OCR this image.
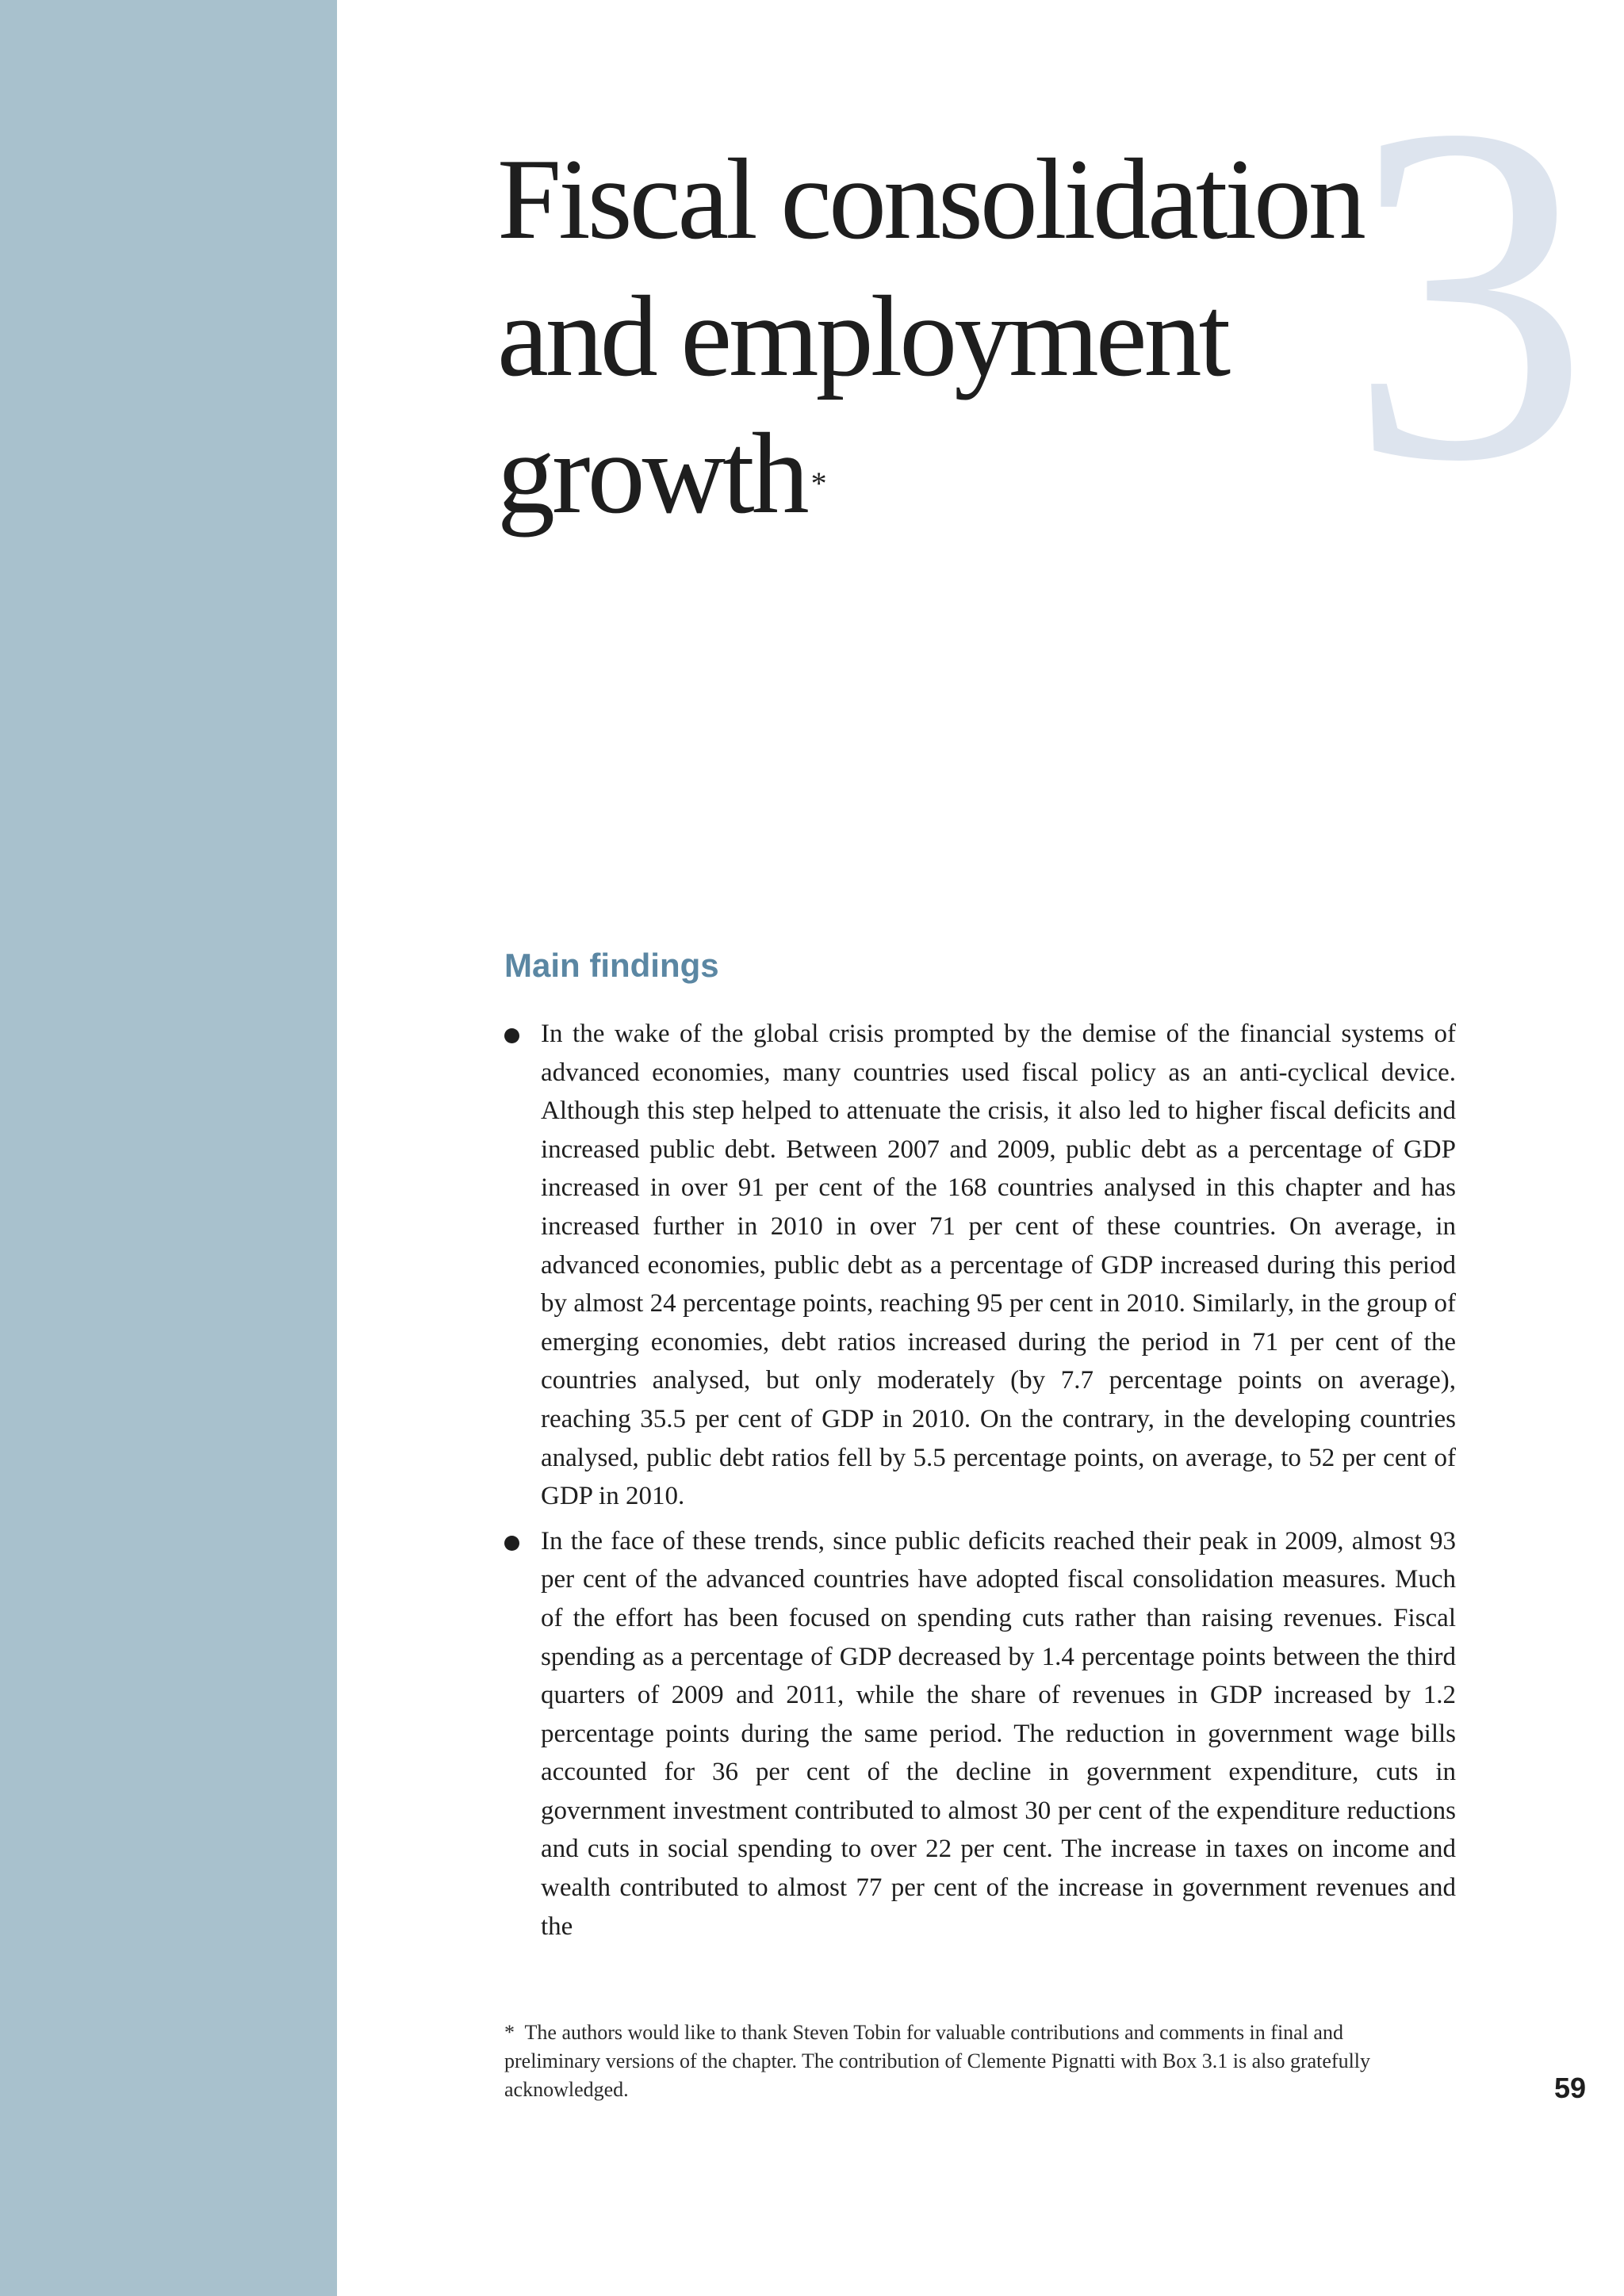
3
Fiscal consolidation
and employment
growth *
Main findings
In the wake of the global crisis prompted by the demise of the financial systems of advanced economies, many countries used fiscal policy as an anti-cyclical device. Although this step helped to attenuate the crisis, it also led to higher fiscal deficits and increased public debt. Between 2007 and 2009, public debt as a percentage of GDP increased in over 91 per cent of the 168 countries analysed in this chapter and has increased further in 2010 in over 71 per cent of these countries. On average, in advanced economies, public debt as a percentage of GDP increased during this period by almost 24 percentage points, reaching 95 per cent in 2010. Similarly, in the group of emerging economies, debt ratios increased during the period in 71 per cent of the countries analysed, but only moderately (by 7.7 percentage points on average), reaching 35.5 per cent of GDP in 2010. On the contrary, in the developing countries analysed, public debt ratios fell by 5.5 percentage points, on average, to 52 per cent of GDP in 2010.
In the face of these trends, since public deficits reached their peak in 2009, almost 93 per cent of the advanced countries have adopted fiscal consolidation measures. Much of the effort has been focused on spending cuts rather than raising revenues. Fiscal spending as a percentage of GDP decreased by 1.4 percentage points between the third quarters of 2009 and 2011, while the share of revenues in GDP increased by 1.2 percentage points during the same period. The reduction in government wage bills accounted for 36 per cent of the decline in government expenditure, cuts in government investment contributed to almost 30 per cent of the expenditure reductions and cuts in social spending to over 22 per cent. The increase in taxes on income and wealth contributed to almost 77 per cent of the increase in government revenues and the

* The authors would like to thank Steven Tobin for valuable contributions and comments in final and preliminary versions of the chapter. The contribution of Clemente Pignatti with Box 3.1 is also gratefully acknowledged.	59
